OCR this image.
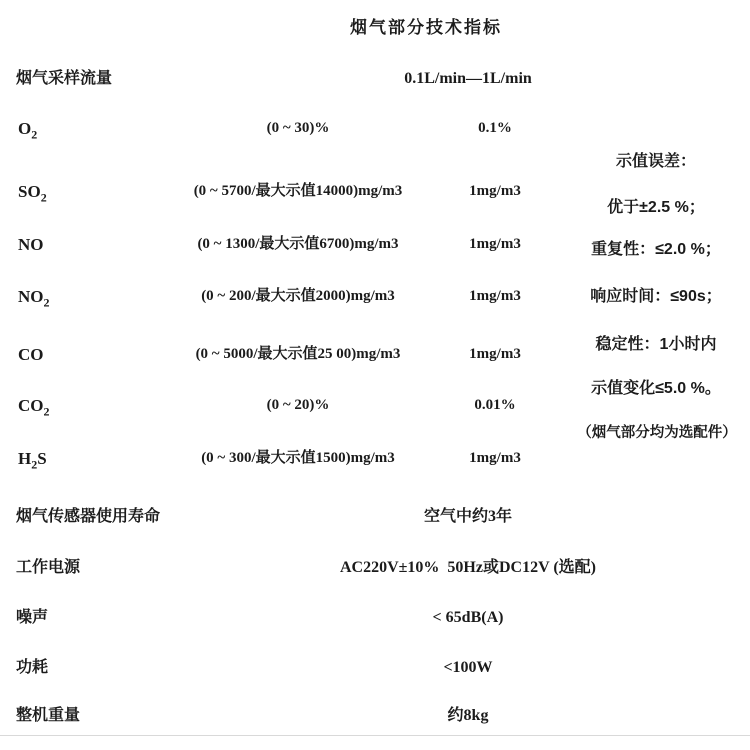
烟气部分技术指标
烟气采样流量	0.1L/min—1L/min
$O_2$	(0 ~ 30)%	0.1%
$SO_2$	(0 ~ 5700/最大示值14000)mg/m3	1mg/m3
NO	(0 ~ 1300/最大示值6700)mg/m3	1mg/m3
$NO_2$	(0 ~ 200/最大示值2000)mg/m3	1mg/m3
CO	(0 ~ 5000/最大示值25 00)mg/m3	1mg/m3
$CO_2$	(0 ~ 20)%	0.01%
$H_2S$	(0 ~ 300/最大示值1500)mg/m3	1mg/m3
示值误差：
优于±2.5 %；
重复性：≤2.0 %；
响应时间：≤90s；
稳定性：1小时内
示值变化≤5.0 %。
（烟气部分均为选配件）
烟气传感器使用寿命	空气中约3年
工作电源	AC220V±10%  50Hz或DC12V (选配)
噪声	< 65dB(A)
功耗	<100W
整机重量	约8kg
